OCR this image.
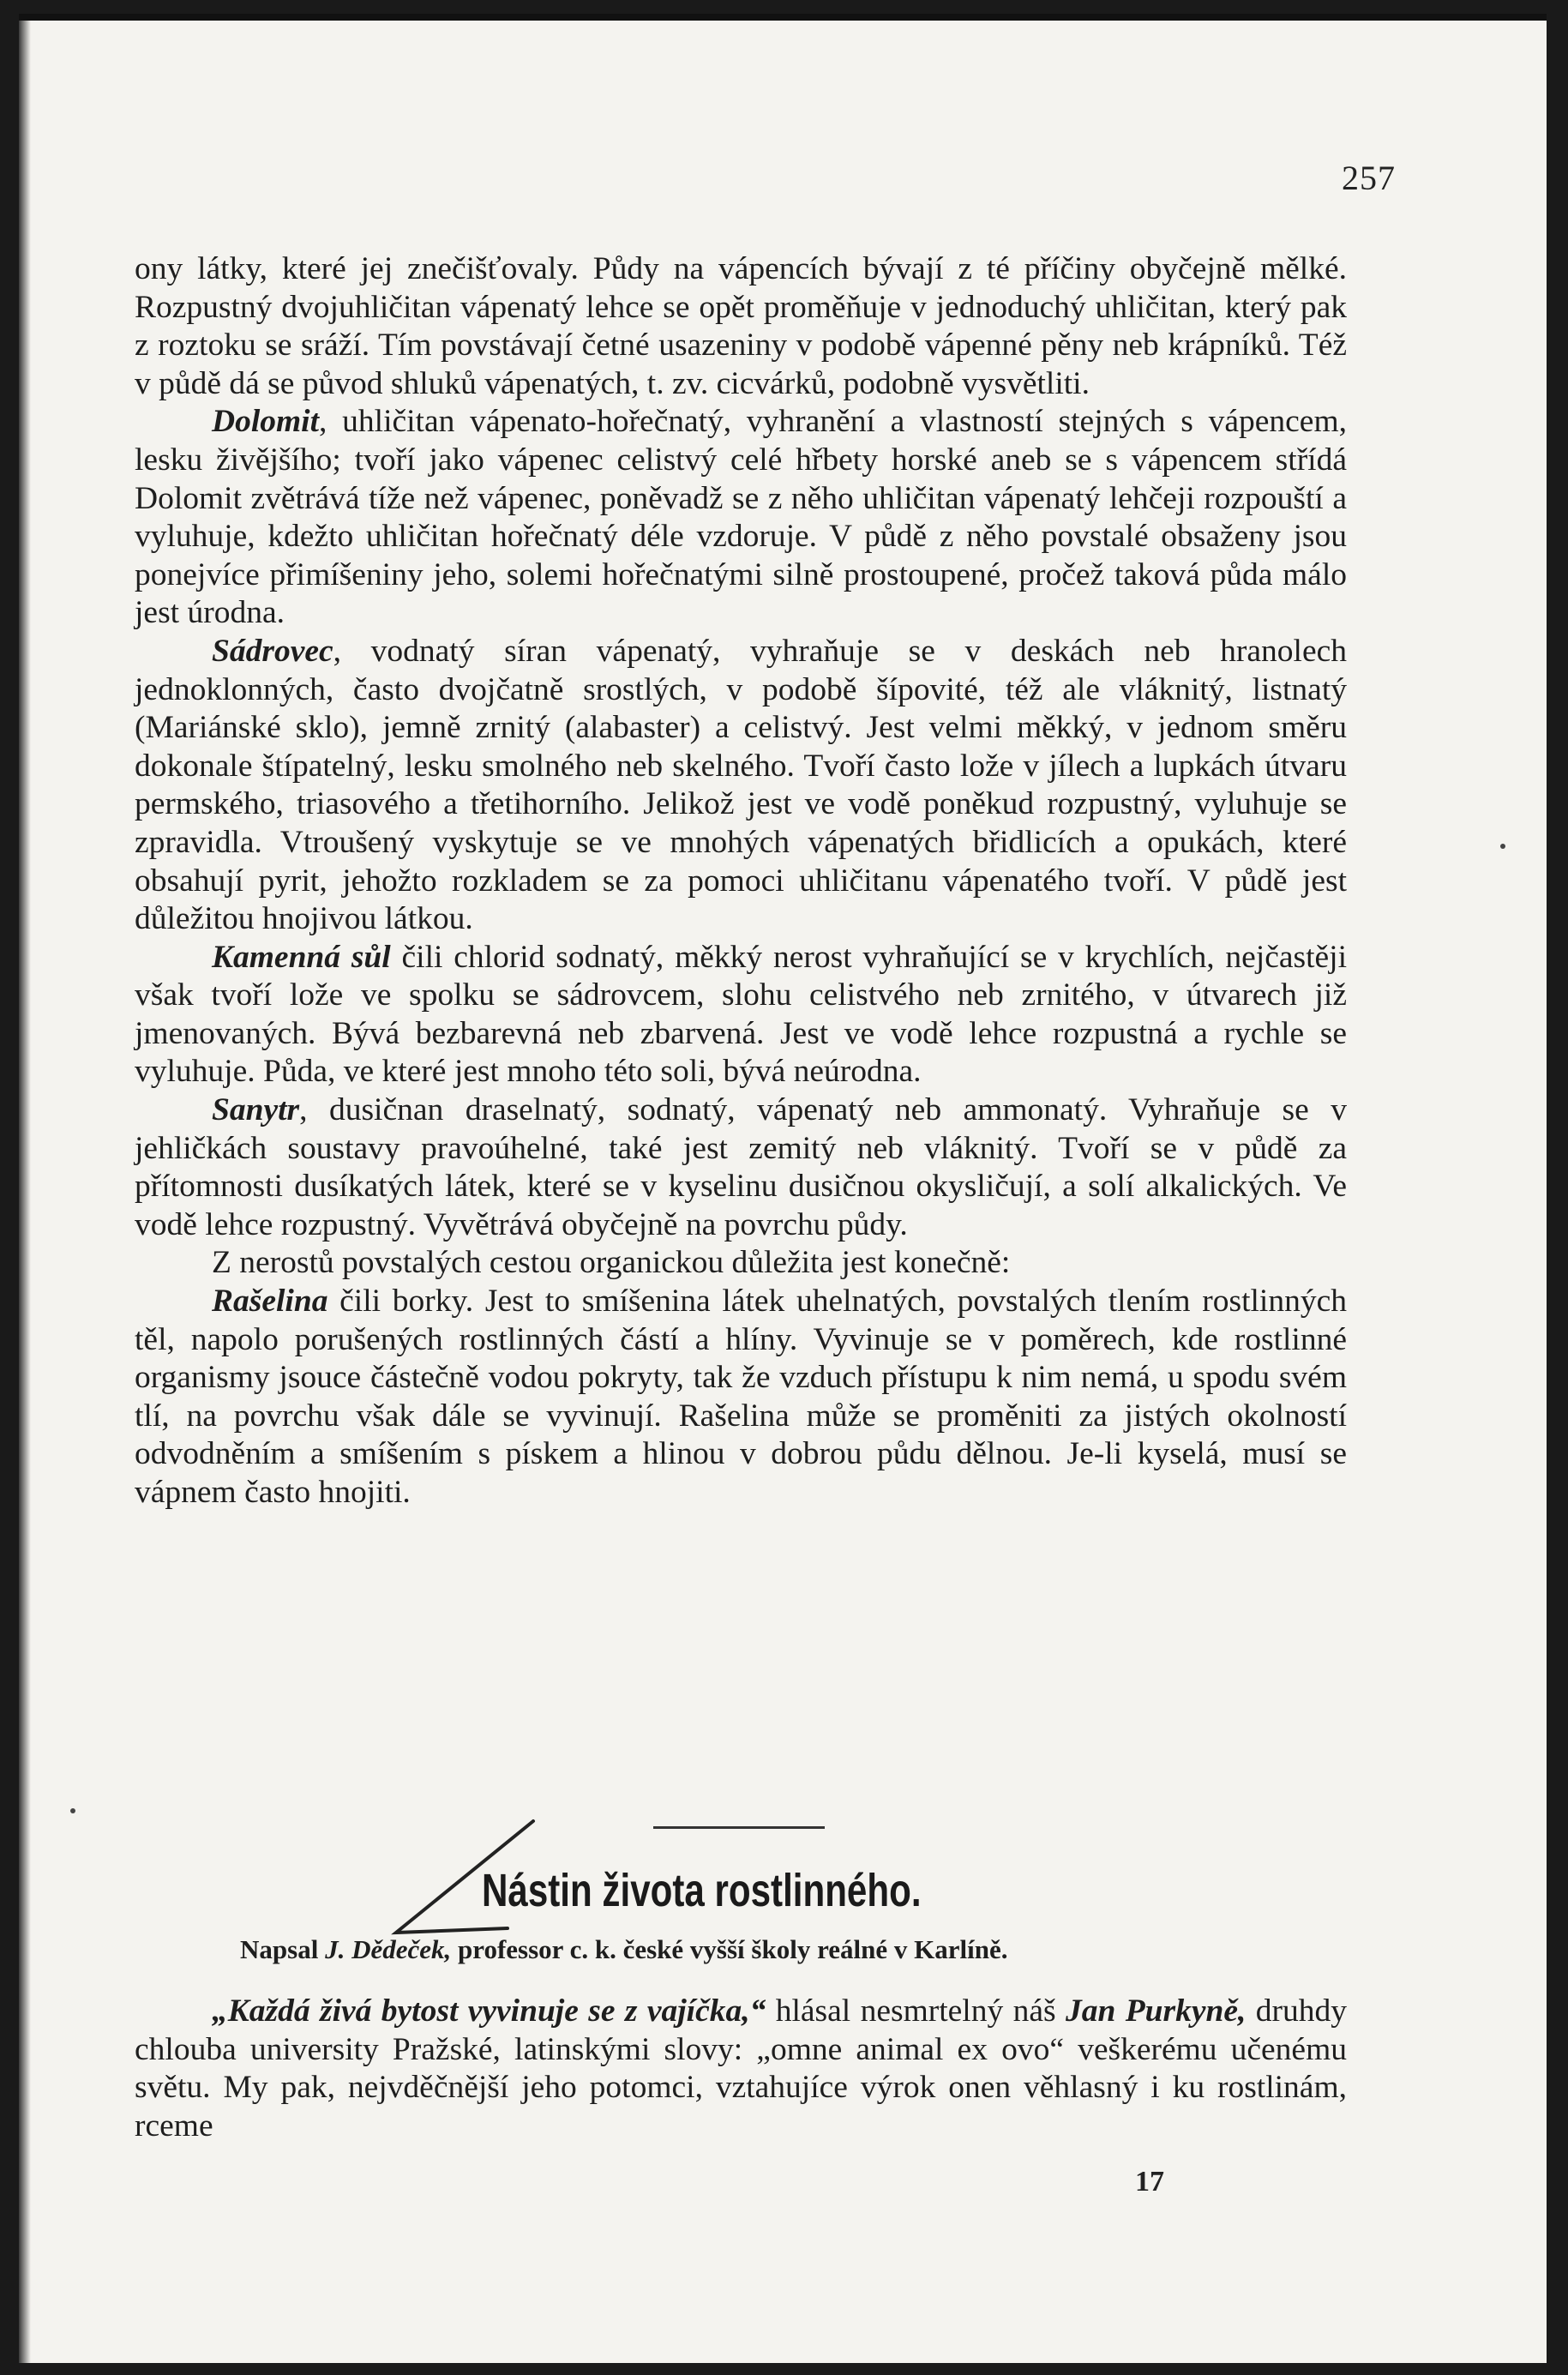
257

ony látky, které jej znečišťovaly. Půdy na vápencích bývají z té příčiny obyčejně mělké. Rozpustný dvojuhličitan vápenatý lehce se opět proměňuje v jednoduchý uhličitan, který pak z roztoku se sráží. Tím povstávají četné usazeniny v podobě vápenné pěny neb krápníků. Též v půdě dá se původ shluků vápenatých, t. zv. cicvárků, podobně vysvětliti.

Dolomit, uhličitan vápenato-hořečnatý, vyhranění a vlastností stejných s vápencem, lesku živějšího; tvoří jako vápenec celistvý celé hřbety horské aneb se s vápencem střídá Dolomit zvětrává tíže než vápenec, poněvadž se z něho uhličitan vápenatý lehčeji rozpouští a vyluhuje, kdežto uhličitan hořečnatý déle vzdoruje. V půdě z něho povstalé obsaženy jsou ponejvíce přimíšeniny jeho, solemi hořečnatými silně prostoupené, pročež taková půda málo jest úrodna.

Sádrovec, vodnatý síran vápenatý, vyhraňuje se v deskách neb hranolech jednoklonných, často dvojčatně srostlých, v podobě šípovité, též ale vláknitý, listnatý (Mariánské sklo), jemně zrnitý (alabaster) a celistvý. Jest velmi měkký, v jednom směru dokonale štípatelný, lesku smolného neb skelného. Tvoří často lože v jílech a lupkách útvaru permského, triasového a třetihorního. Jelikož jest ve vodě poněkud rozpustný, vyluhuje se zpravidla. Vtroušený vyskytuje se ve mnohých vápenatých břidlicích a opukách, které obsahují pyrit, jehožto rozkladem se za pomoci uhličitanu vápenatého tvoří. V půdě jest důležitou hnojivou látkou.

Kamenná sůl čili chlorid sodnatý, měkký nerost vyhraňující se v krychlích, nejčastěji však tvoří lože ve spolku se sádrovcem, slohu celistvého neb zrnitého, v útvarech již jmenovaných. Bývá bezbarevná neb zbarvená. Jest ve vodě lehce rozpustná a rychle se vyluhuje. Půda, ve které jest mnoho této soli, bývá neúrodna.

Sanytr, dusičnan draselnatý, sodnatý, vápenatý neb ammonatý. Vyhraňuje se v jehličkách soustavy pravoúhelné, také jest zemitý neb vláknitý. Tvoří se v půdě za přítomnosti dusíkatých látek, které se v kyselinu dusičnou okysličují, a solí alkalických. Ve vodě lehce rozpustný. Vyvětrává obyčejně na povrchu půdy.

Z nerostů povstalých cestou organickou důležita jest konečně:

Rašelina čili borky. Jest to smíšenina látek uhelnatých, povstalých tlením rostlinných těl, napolo porušených rostlinných částí a hlíny. Vyvinuje se v poměrech, kde rostlinné organismy jsouce částečně vodou pokryty, tak že vzduch přístupu k nim nemá, u spodu svém tlí, na povrchu však dále se vyvinují. Rašelina může se proměniti za jistých okolností odvodněním a smíšením s pískem a hlinou v dobrou půdu dělnou. Je-li kyselá, musí se vápnem často hnojiti.

Nástin života rostlinného.
Napsal J. Dědeček, professor c. k. české vyšší školy reálné v Karlíně.

„Každá živá bytost vyvinuje se z vajíčka,“ hlásal nesmrtelný náš Jan Purkyně, druhdy chlouba university Pražské, latinskými slovy: „omne animal ex ovo“ veškerému učenému světu. My pak, nejvděčnější jeho potomci, vztahujíce výrok onen věhlasný i ku rostlinám, rceme

17
